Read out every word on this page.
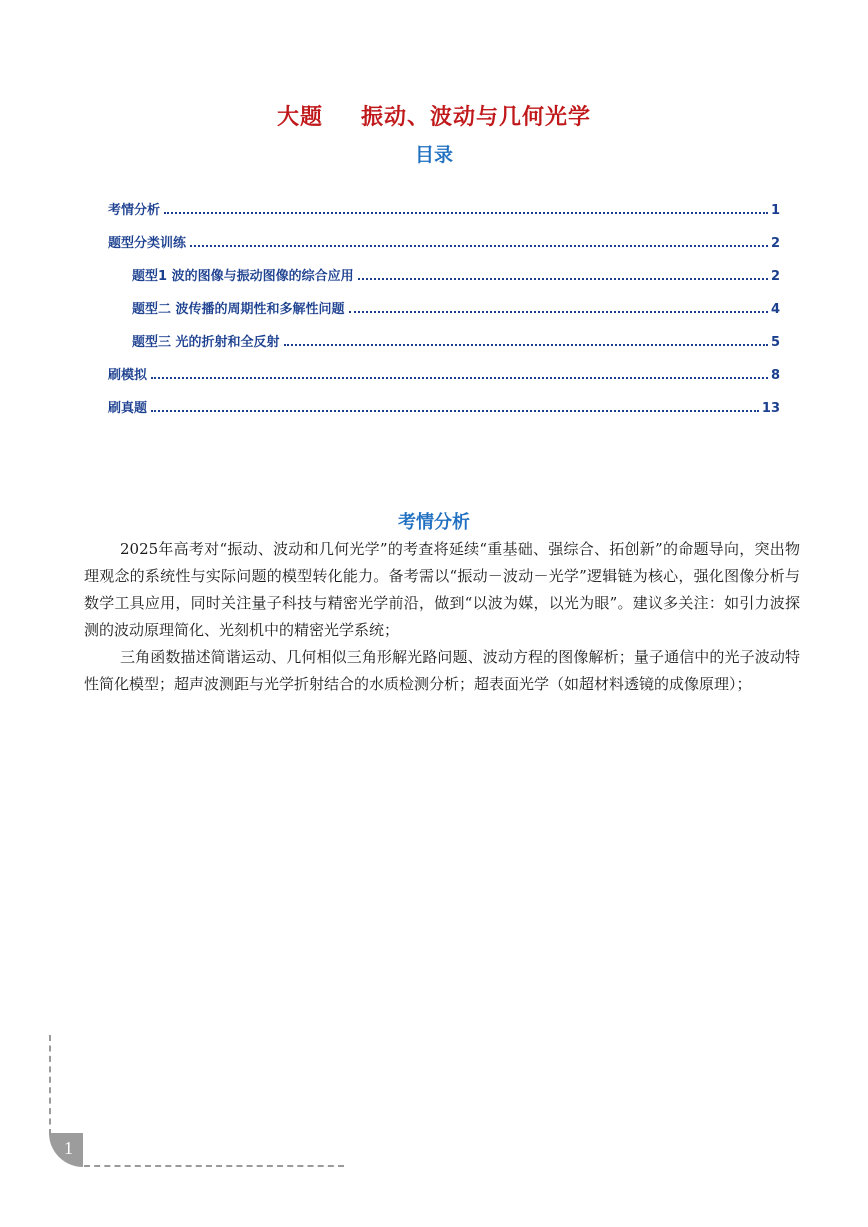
大题 振动、波动与几何光学
目录
考情分析	1
题型分类训练	2
题型1 波的图像与振动图像的综合应用	2
题型二 波传播的周期性和多解性问题	4
题型三 光的折射和全反射	5
刷模拟	8
刷真题	13
考情分析

2025年高考对“振动、波动和几何光学”的考查将延续“重基础、强综合、拓创新”的命题导向，突出物理观念的系统性与实际问题的模型转化能力。备考需以“振动－波动－光学”逻辑链为核心，强化图像分析与数学工具应用，同时关注量子科技与精密光学前沿，做到“以波为媒，以光为眼”。建议多关注：如引力波探测的波动原理简化、光刻机中的精密光学系统；

三角函数描述简谐运动、几何相似三角形解光路问题、波动方程的图像解析；量子通信中的光子波动特性简化模型；超声波测距与光学折射结合的水质检测分析；超表面光学（如超材料透镜的成像原理）；

1
